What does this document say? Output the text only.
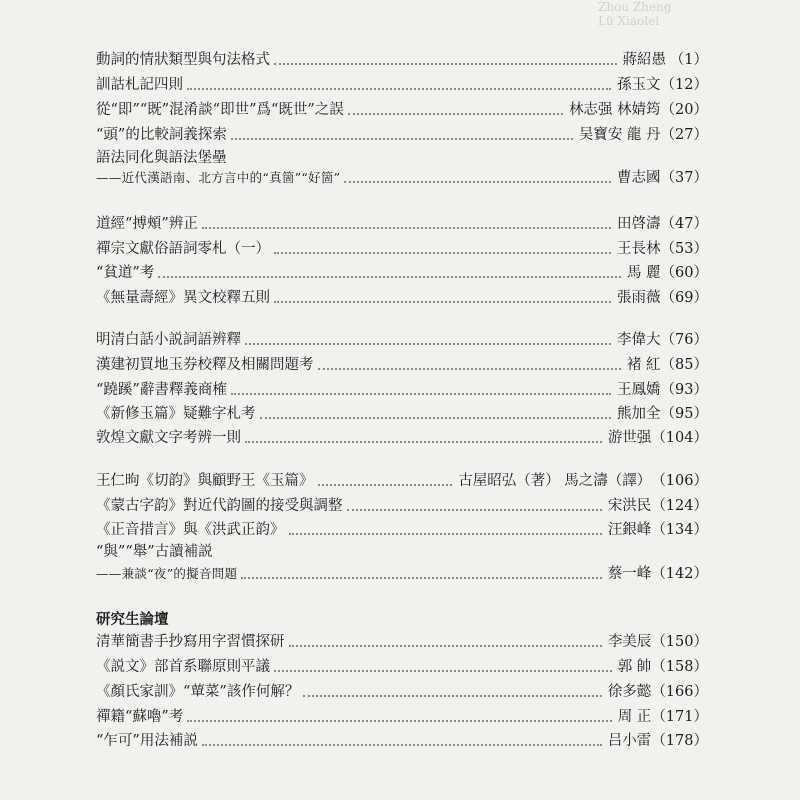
Zhou Zheng
Lü Xiaolei
動詞的情狀類型與句法格式	蔣紹愚 （1）
訓詁札記四則	孫玉文 （12）
從“即”“既”混淆談“即世”爲“既世”之誤	林志强 林婧筠 （20）
“頭”的比較詞義探索	吴寶安 龍 丹 （27）
語法同化與語法堡壘
——近代漢語南、北方言中的“真箇”“好箇”	曹志國 （37）
道經“搏頰”辨正	田啓濤 （47）
禪宗文獻俗語詞零札（一）	王長林 （53）
“貧道”考	馬 麗 （60）
《無量壽經》異文校釋五則	張雨薇 （69）
明清白話小説詞語辨釋	李偉大 （76）
漢建初買地玉券校釋及相關問題考	褚 紅 （85）
“蹺蹊”辭書釋義商榷	王鳳嬌 （93）
《新修玉篇》疑難字札考	熊加全 （95）
敦煌文獻文字考辨一則	游世强 （104）
王仁昫《切韵》與顧野王《玉篇》	古屋昭弘（著） 馬之濤（譯） （106）
《蒙古字韵》對近代韵圖的接受與調整	宋洪民 （124）
《正音措言》與《洪武正韵》	汪銀峰 （134）
“與”“舉”古讀補説
——兼談“夜”的擬音問題	蔡一峰 （142）
研究生論壇
清華簡書手抄寫用字習慣探研	李美辰 （150）
《説文》部首系聯原則平議	郭 帥 （158）
《顏氏家訓》“蕇菜”該作何解？	徐多懿 （166）
禪籍“蘇嚕”考	周 正 （171）
“乍可”用法補説	吕小雷 （178）
